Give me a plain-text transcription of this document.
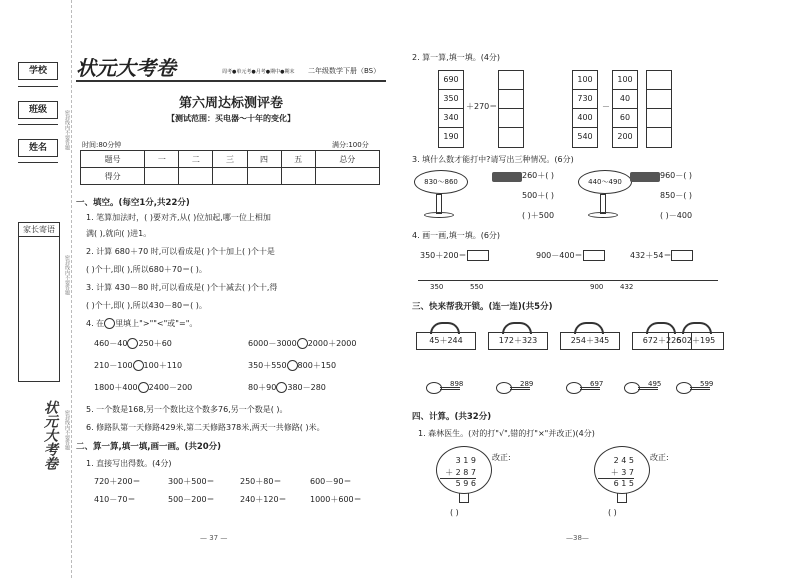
学校
班级
姓名
家长寄语
密封线内不要答题
密封线内不要答题
密封线内不要答题
状元大考卷
状元大考卷	周考●单元考●月考●期中●期末 二年级数学下册（BS）
第六周达标测评卷
【测试范围：买电器～十年的变化】
时间:80分钟	满分:100分
题号	一	二	三	四	五	总分
得分						
一、填空。(每空1分,共22分)
1. 笔算加法时，( )要对齐,从( )位加起,哪一位上相加
满( ),就向( )进1。
2. 计算 680＋70 时,可以看成是( )个十加上( )个十是
( )个十,即( ),所以680＋70＝( )。
3. 计算 430－80 时,可以看成是( )个十减去( )个十,得
( )个十,即( ),所以430－80＝( )。
4. 在 里填上">""<"或"="。
460－40 250＋60	6000－3000 2000＋2000
210－100 100＋110	350＋550 800＋150
1800＋400 2400－200	80＋90 380－280
5. 一个数是168,另一个数比这个数多76,另一个数是( )。
6. 修路队第一天修路429米,第二天修路378米,两天一共修路( )米。
二、算一算,填一填,画一画。(共20分)
1. 直接写出得数。(4分)
720＋200＝	300＋500＝	250＋80＝	600－90＝
410－70＝	500－200＝	240＋120＝	1000＋600＝
— 37 —
2. 算一算,填一填。(4分)
690
350
340
190
＋270＝
100
730
400
540
－
100
40
60
200
3. 填什么数才能打中?请写出三种情况。(6分)
830～860
260＋( )
500＋( )
( )＋500
440～490
960－( )
850－( )
( )－400
4. 画一画,填一填。(6分)
350＋200＝	900－400＝	432＋54＝
350	550	900 432
三、快来帮我开锁。(连一连)(共5分)
45＋244	172＋323	254＋345	672＋226
502＋195
898	289	697	495	599
四、计算。(共32分)
1. 森林医生。(对的打"√",错的打"×"并改正)(4分)
3 1 9
＋ 2 8 7
5 9 6
改正:
( )
2 4 5
＋ 3 7
6 1 5
改正:
( )
—38—
